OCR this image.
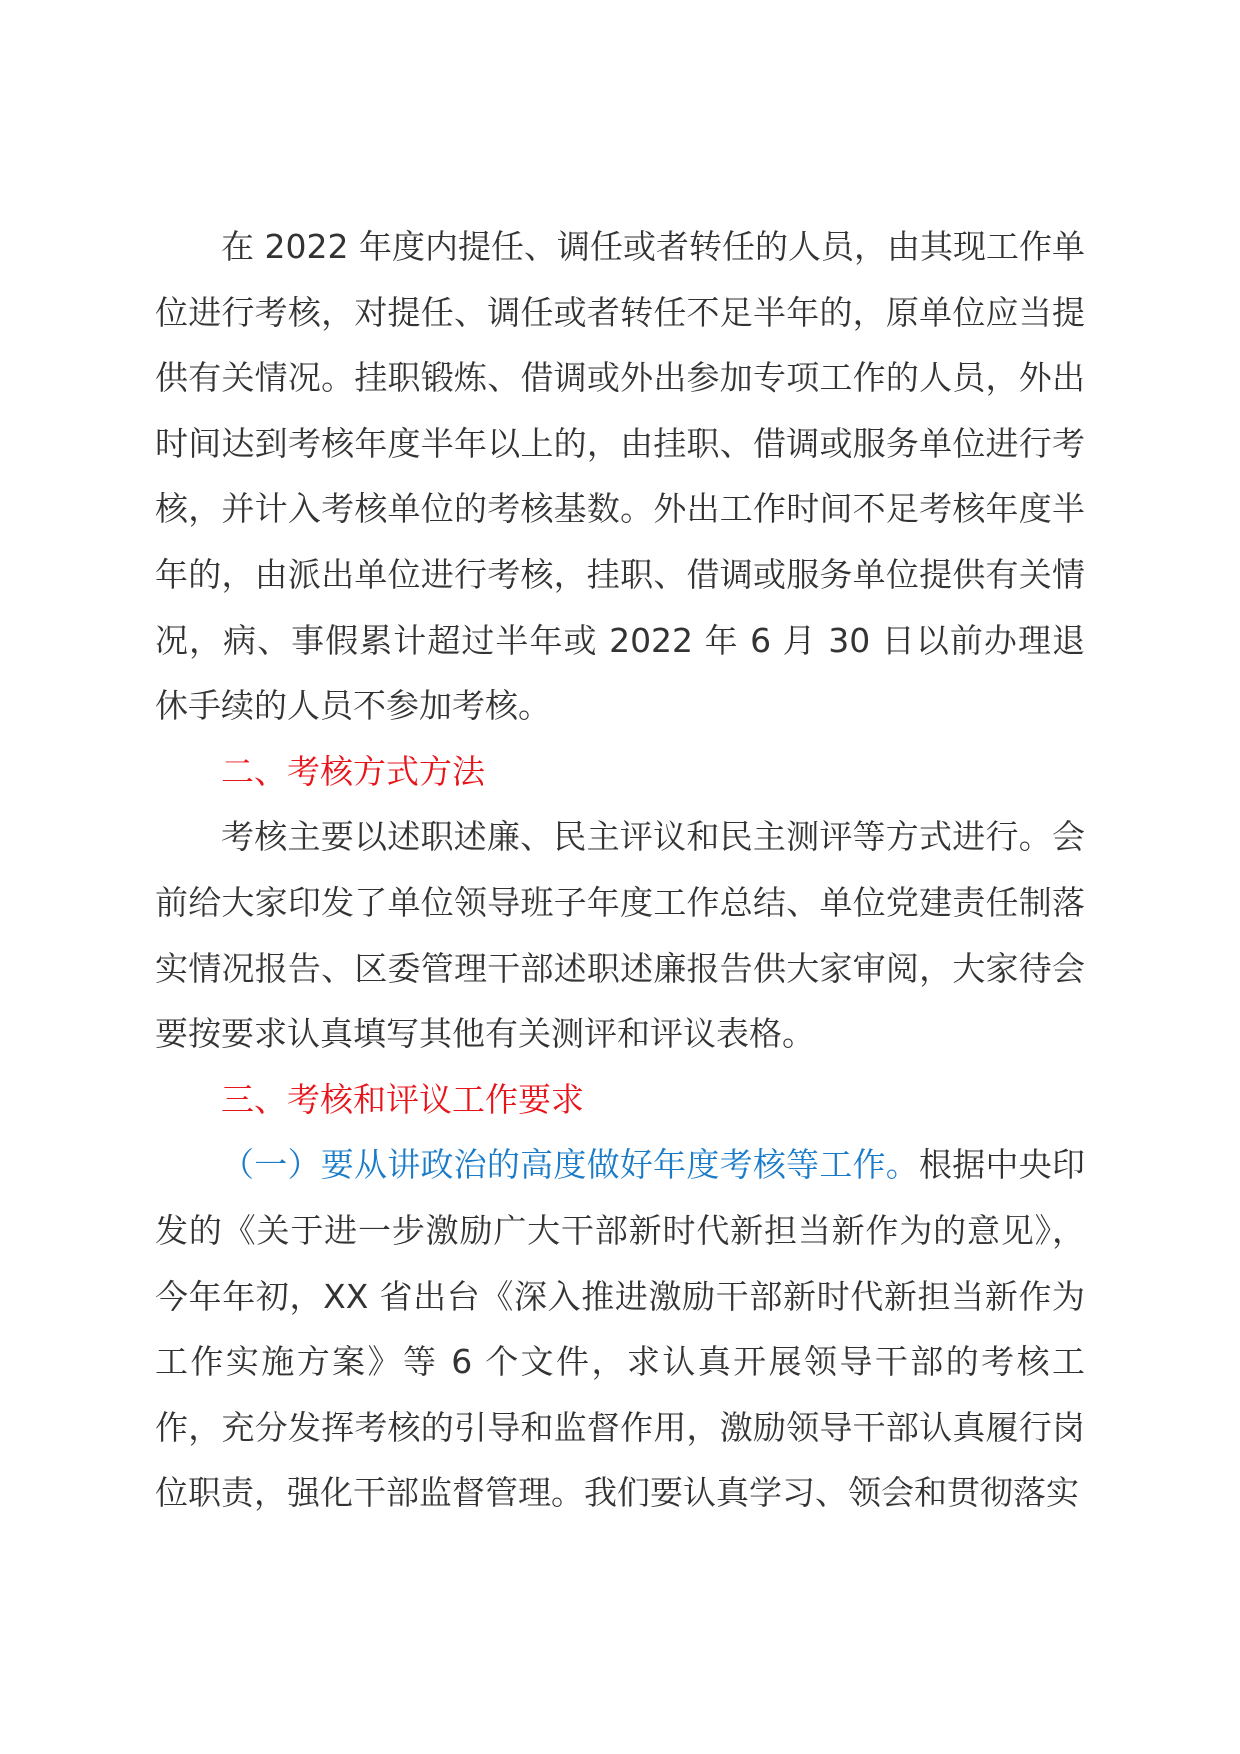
在 2022 年度内提任、调任或者转任的人员，由其现工作单位进行考核，对提任、调任或者转任不足半年的，原单位应当提供有关情况。挂职锻炼、借调或外出参加专项工作的人员，外出时间达到考核年度半年以上的，由挂职、借调或服务单位进行考核，并计入考核单位的考核基数。外出工作时间不足考核年度半年的，由派出单位进行考核，挂职、借调或服务单位提供有关情况，病、事假累计超过半年或 2022 年 6 月 30 日以前办理退休手续的人员不参加考核。

二、考核方式方法

考核主要以述职述廉、民主评议和民主测评等方式进行。会前给大家印发了单位领导班子年度工作总结、单位党建责任制落实情况报告、区委管理干部述职述廉报告供大家审阅，大家待会要按要求认真填写其他有关测评和评议表格。

三、考核和评议工作要求

（一）要从讲政治的高度做好年度考核等工作。根据中央印发的《关于进一步激励广大干部新时代新担当新作为的意见》，今年年初，XX 省出台《深入推进激励干部新时代新担当新作为工作实施方案》等 6 个文件，求认真开展领导干部的考核工作，充分发挥考核的引导和监督作用，激励领导干部认真履行岗位职责，强化干部监督管理。我们要认真学习、领会和贯彻落实
